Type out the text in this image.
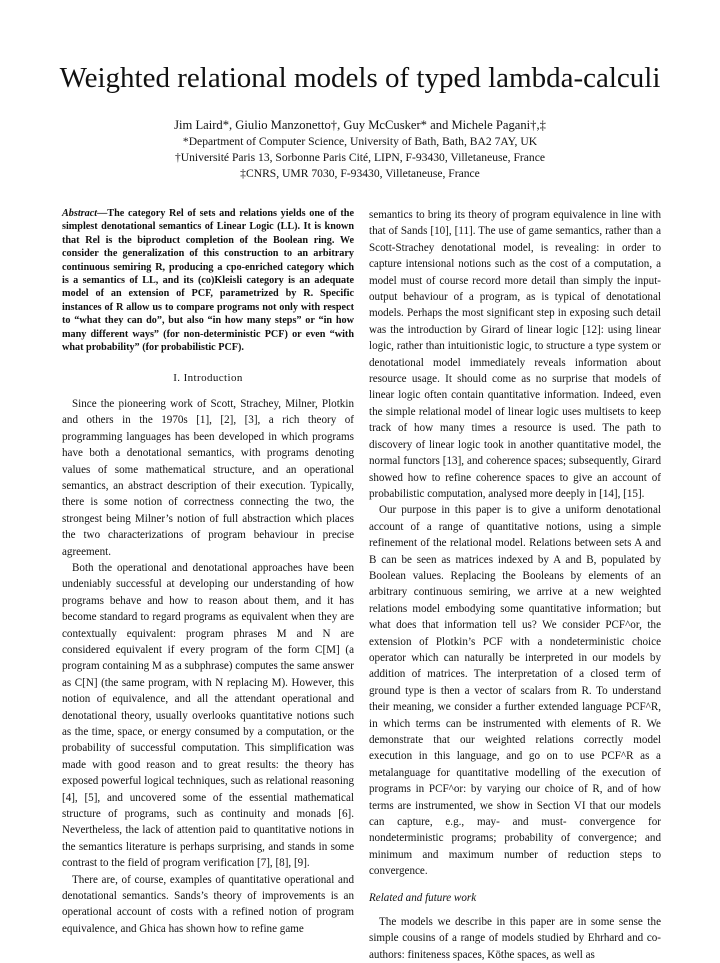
Weighted relational models of typed lambda-calculi
Jim Laird*, Giulio Manzonetto†, Guy McCusker* and Michele Pagani†,‡
*Department of Computer Science, University of Bath, Bath, BA2 7AY, UK
†Université Paris 13, Sorbonne Paris Cité, LIPN, F-93430, Villetaneuse, France
‡CNRS, UMR 7030, F-93430, Villetaneuse, France

Abstract—The category Rel of sets and relations yields one of the simplest denotational semantics of Linear Logic (LL). It is known that Rel is the biproduct completion of the Boolean ring. We consider the generalization of this construction to an arbitrary continuous semiring R, producing a cpo-enriched category which is a semantics of LL, and its (co)Kleisli category is an adequate model of an extension of PCF, parametrized by R. Specific instances of R allow us to compare programs not only with respect to “what they can do”, but also “in how many steps” or “in how many different ways” (for non-deterministic PCF) or even “with what probability” (for probabilistic PCF).

I. Introduction

Since the pioneering work of Scott, Strachey, Milner, Plotkin and others in the 1970s [1], [2], [3], a rich theory of programming languages has been developed in which programs have both a denotational semantics, with programs denoting values of some mathematical structure, and an operational semantics, an abstract description of their execution. Typically, there is some notion of correctness connecting the two, the strongest being Milner’s notion of full abstraction which places the two characterizations of program behaviour in precise agreement.

Both the operational and denotational approaches have been undeniably successful at developing our understanding of how programs behave and how to reason about them, and it has become standard to regard programs as equivalent when they are contextually equivalent: program phrases M and N are considered equivalent if every program of the form C[M] (a program containing M as a subphrase) computes the same answer as C[N] (the same program, with N replacing M). However, this notion of equivalence, and all the attendant operational and denotational theory, usually overlooks quantitative notions such as the time, space, or energy consumed by a computation, or the probability of successful computation. This simplification was made with good reason and to great results: the theory has exposed powerful logical techniques, such as relational reasoning [4], [5], and uncovered some of the essential mathematical structure of programs, such as continuity and monads [6]. Nevertheless, the lack of attention paid to quantitative notions in the semantics literature is perhaps surprising, and stands in some contrast to the field of program verification [7], [8], [9].

There are, of course, examples of quantitative operational and denotational semantics. Sands’s theory of improvements is an operational account of costs with a refined notion of program equivalence, and Ghica has shown how to refine game

semantics to bring its theory of program equivalence in line with that of Sands [10], [11]. The use of game semantics, rather than a Scott-Strachey denotational model, is revealing: in order to capture intensional notions such as the cost of a computation, a model must of course record more detail than simply the input-output behaviour of a program, as is typical of denotational models. Perhaps the most significant step in exposing such detail was the introduction by Girard of linear logic [12]: using linear logic, rather than intuitionistic logic, to structure a type system or denotational model immediately reveals information about resource usage. It should come as no surprise that models of linear logic often contain quantitative information. Indeed, even the simple relational model of linear logic uses multisets to keep track of how many times a resource is used. The path to discovery of linear logic took in another quantitative model, the normal functors [13], and coherence spaces; subsequently, Girard showed how to refine coherence spaces to give an account of probabilistic computation, analysed more deeply in [14], [15].

Our purpose in this paper is to give a uniform denotational account of a range of quantitative notions, using a simple refinement of the relational model. Relations between sets A and B can be seen as matrices indexed by A and B, populated by Boolean values. Replacing the Booleans by elements of an arbitrary continuous semiring, we arrive at a new weighted relations model embodying some quantitative information; but what does that information tell us? We consider PCF^or, the extension of Plotkin’s PCF with a nondeterministic choice operator which can naturally be interpreted in our models by addition of matrices. The interpretation of a closed term of ground type is then a vector of scalars from R. To understand their meaning, we consider a further extended language PCF^R, in which terms can be instrumented with elements of R. We demonstrate that our weighted relations correctly model execution in this language, and go on to use PCF^R as a metalanguage for quantitative modelling of the execution of programs in PCF^or: by varying our choice of R, and of how terms are instrumented, we show in Section VI that our models can capture, e.g., may- and must- convergence for nondeterministic programs; probability of convergence; and minimum and maximum number of reduction steps to convergence.

Related and future work

The models we describe in this paper are in some sense the simple cousins of a range of models studied by Ehrhard and co-authors: finiteness spaces, Köthe spaces, as well as
